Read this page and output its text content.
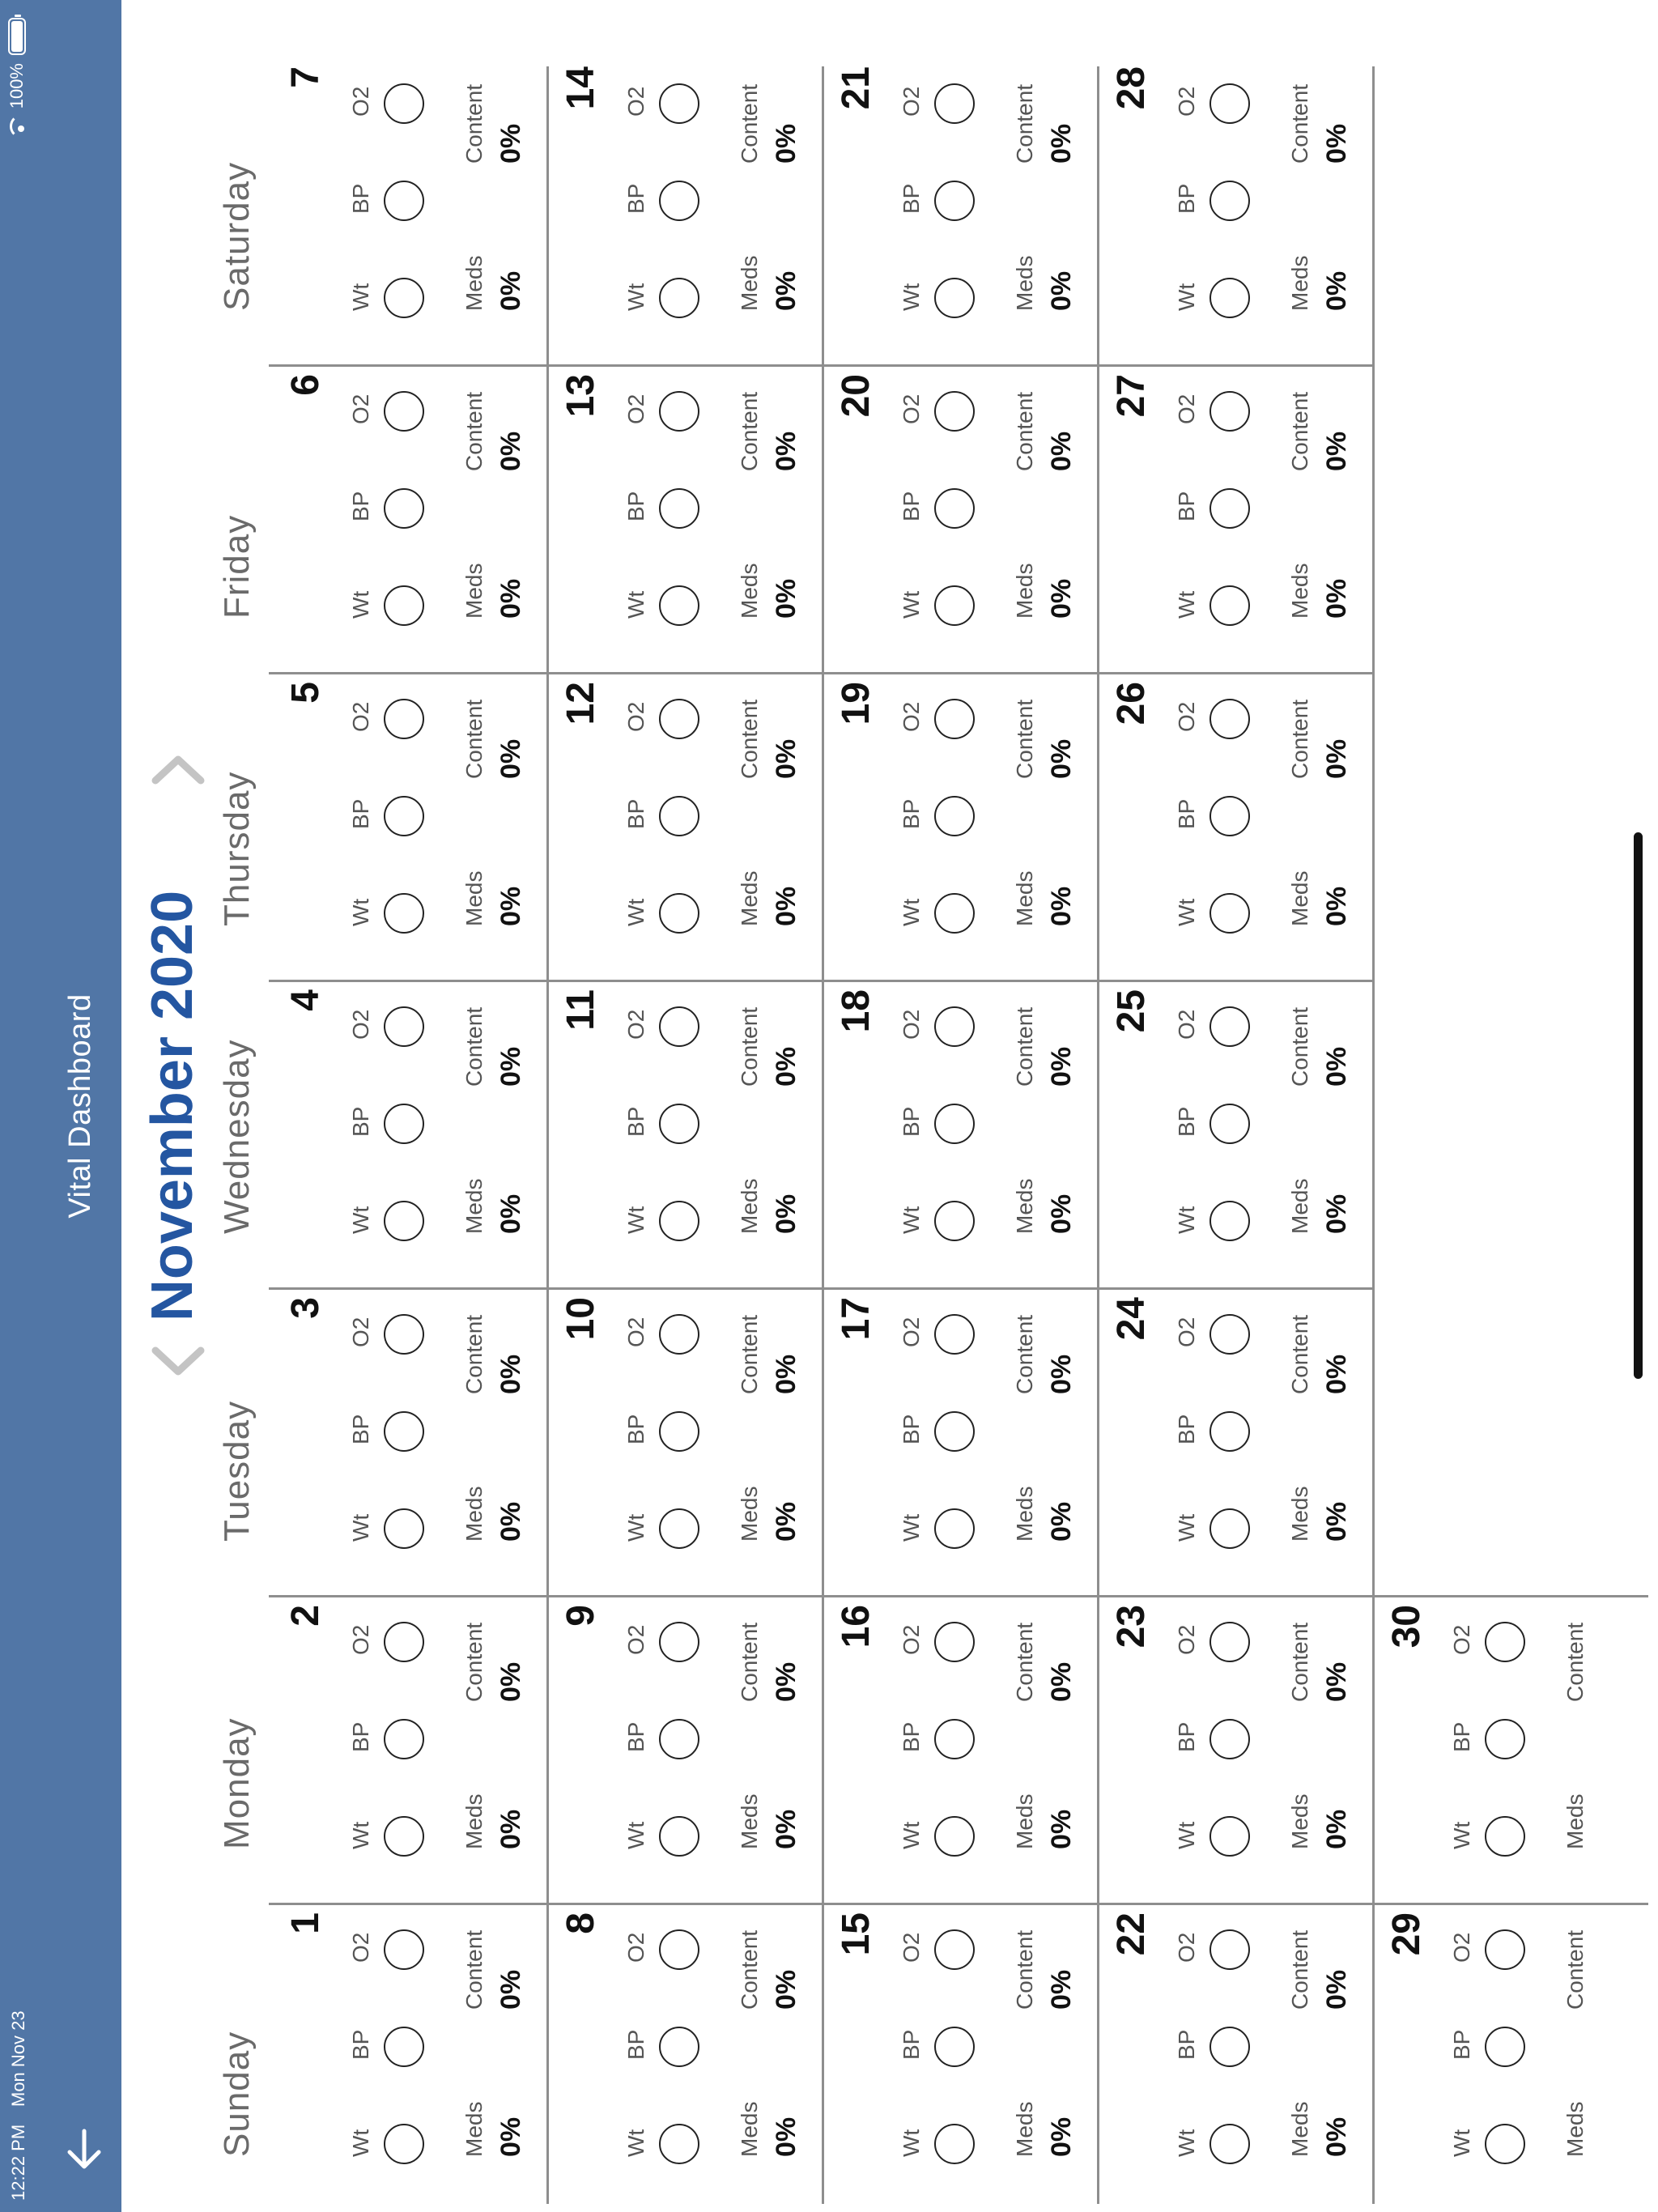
12:22 PM
Mon Nov 23
100%
Vital Dashboard November 2020
Sunday
Monday
Tuesday
Wednesday
Thursday
Friday
Saturday
1
Wt
BP
O2
Meds
Content
0%
0%
2
Wt
BP
O2
Meds
Content
0%
0%
3
Wt
BP
O2
Meds
Content
0%
0%
4
Wt
BP
O2
Meds
Content
0%
0%
5
Wt
BP
O2
Meds
Content
0%
0%
6
Wt
BP
O2
Meds
Content
0%
0%
7
Wt
BP
O2
Meds
Content
0%
0%
8
Wt
BP
O2
Meds
Content
0%
0%
9
Wt
BP
O2
Meds
Content
0%
0%
10
Wt
BP
O2
Meds
Content
0%
0%
11
Wt
BP
O2
Meds
Content
0%
0%
12
Wt
BP
O2
Meds
Content
0%
0%
13
Wt
BP
O2
Meds
Content
0%
0%
14
Wt
BP
O2
Meds
Content
0%
0%
15
Wt
BP
O2
Meds
Content
0%
0%
16
Wt
BP
O2
Meds
Content
0%
0%
17
Wt
BP
O2
Meds
Content
0%
0%
18
Wt
BP
O2
Meds
Content
0%
0%
19
Wt
BP
O2
Meds
Content
0%
0%
20
Wt
BP
O2
Meds
Content
0%
0%
21
Wt
BP
O2
Meds
Content
0%
0%
22
Wt
BP
O2
Meds
Content
0%
0%
23
Wt
BP
O2
Meds
Content
0%
0%
24
Wt
BP
O2
Meds
Content
0%
0%
25
Wt
BP
O2
Meds
Content
0%
0%
26
Wt
BP
O2
Meds
Content
0%
0%
27
Wt
BP
O2
Meds
Content
0%
0%
28
Wt
BP
O2
Meds
Content
0%
0%
29
Wt
BP
O2
Meds
Content
30
Wt
BP
O2
Meds
Content
